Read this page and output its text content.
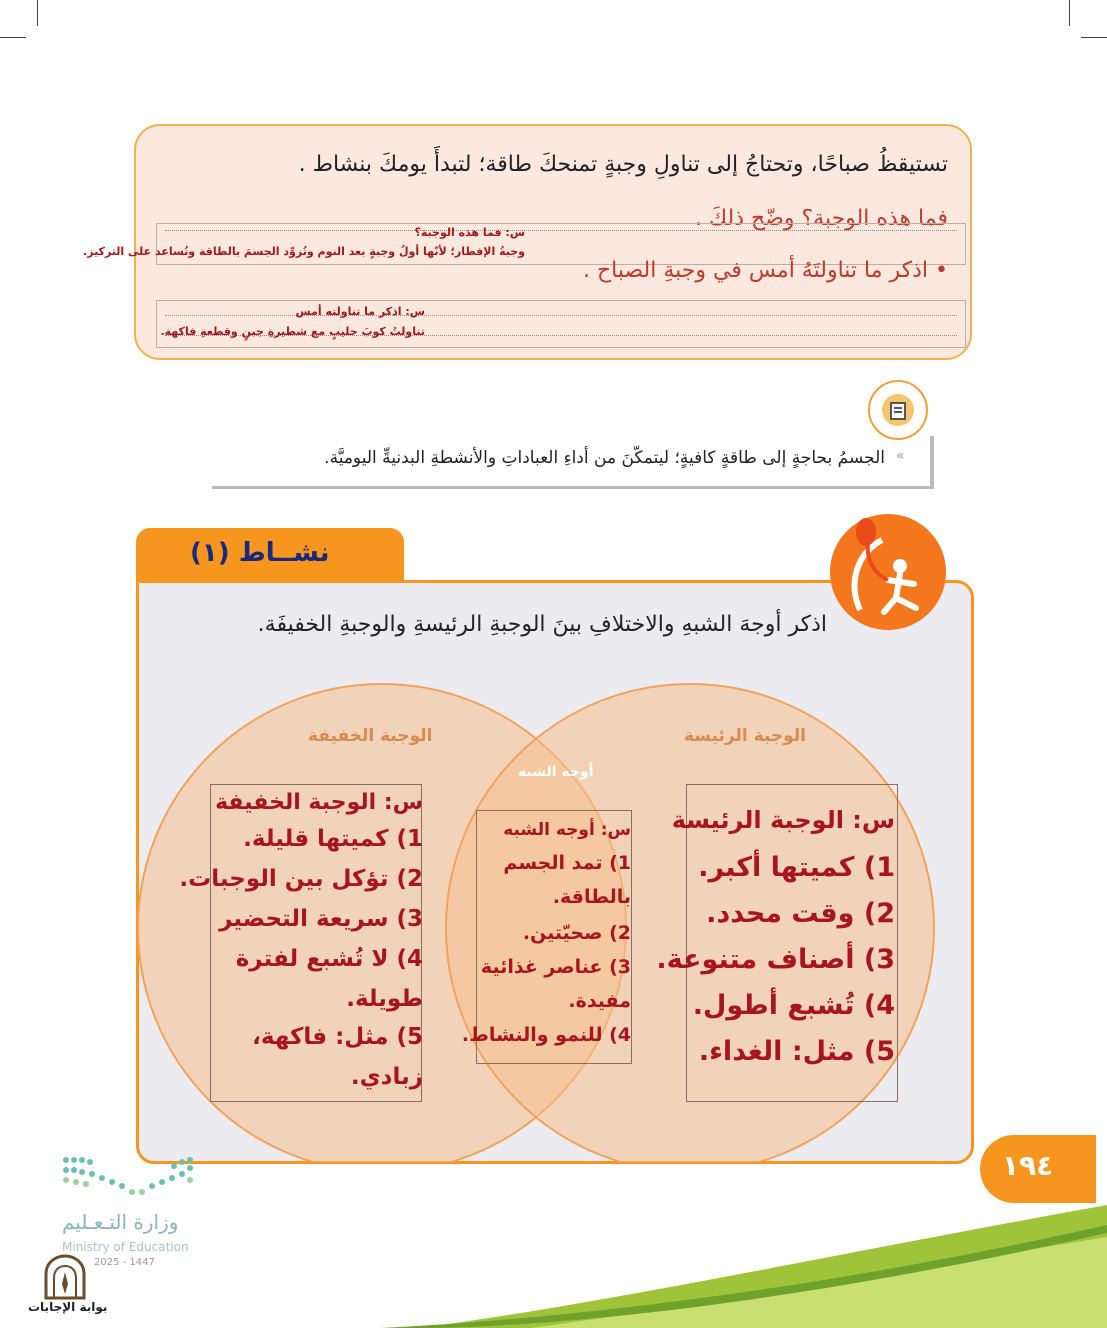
تستيقظُ صباحًا، وتحتاجُ إلى تناولِ وجبةٍ تمنحكَ طاقة؛ لتبدأَ يومكَ بنشاط .
فما هذه الوجبة؟ وضّح ذلكَ .
س: فما هذه الوجبة؟
وجبةُ الإفطار؛ لأنّها أولُ وجبةٍ بعد النوم وتُزوِّد الجسمَ بالطاقة وتُساعد على التركيز.
• اذكر ما تناولتَهُ أمس في وجبةِ الصباح .
س: اذكر ما تناولته أمس
تناولتُ كوبَ حليبٍ مع شطيرةِ جبنٍ وقطعةِ فاكهة.
«
الجسمُ بحاجةٍ إلى طاقةٍ كافيةٍ؛ ليتمكّنَ من أداءِ العباداتِ والأنشطةِ البدنيةِّ اليوميَّة.
نشــاط (١)
اذكر أوجهَ الشبهِ والاختلافِ بينَ الوجبةِ الرئيسةِ والوجبةِ الخفيفَة.
الوجبة الرئيسة
الوجبة الخفيفة
أوجه الشبه
س: الوجبة الرئيسة
1) كميتها أكبر.
2) وقت محدد.
3) أصناف متنوعة.
4) تُشبع أطول.
5) مثل: الغداء.
س: أوجه الشبه
1) تمد الجسم
بالطاقة.
2) صحيّتين.
3) عناصر غذائية
مفيدة.
4) للنمو والنشاط.
س: الوجبة الخفيفة
1) كميتها قليلة.
2) تؤكل بين الوجبات.
3) سريعة التحضير
4) لا تُشبع لفترة
طويلة.
5) مثل: فاكهة،
زبادي.
١٩٤
وزارة التـعـليم
Ministry of Education
2025 - 1447
بوابة الإجابات
